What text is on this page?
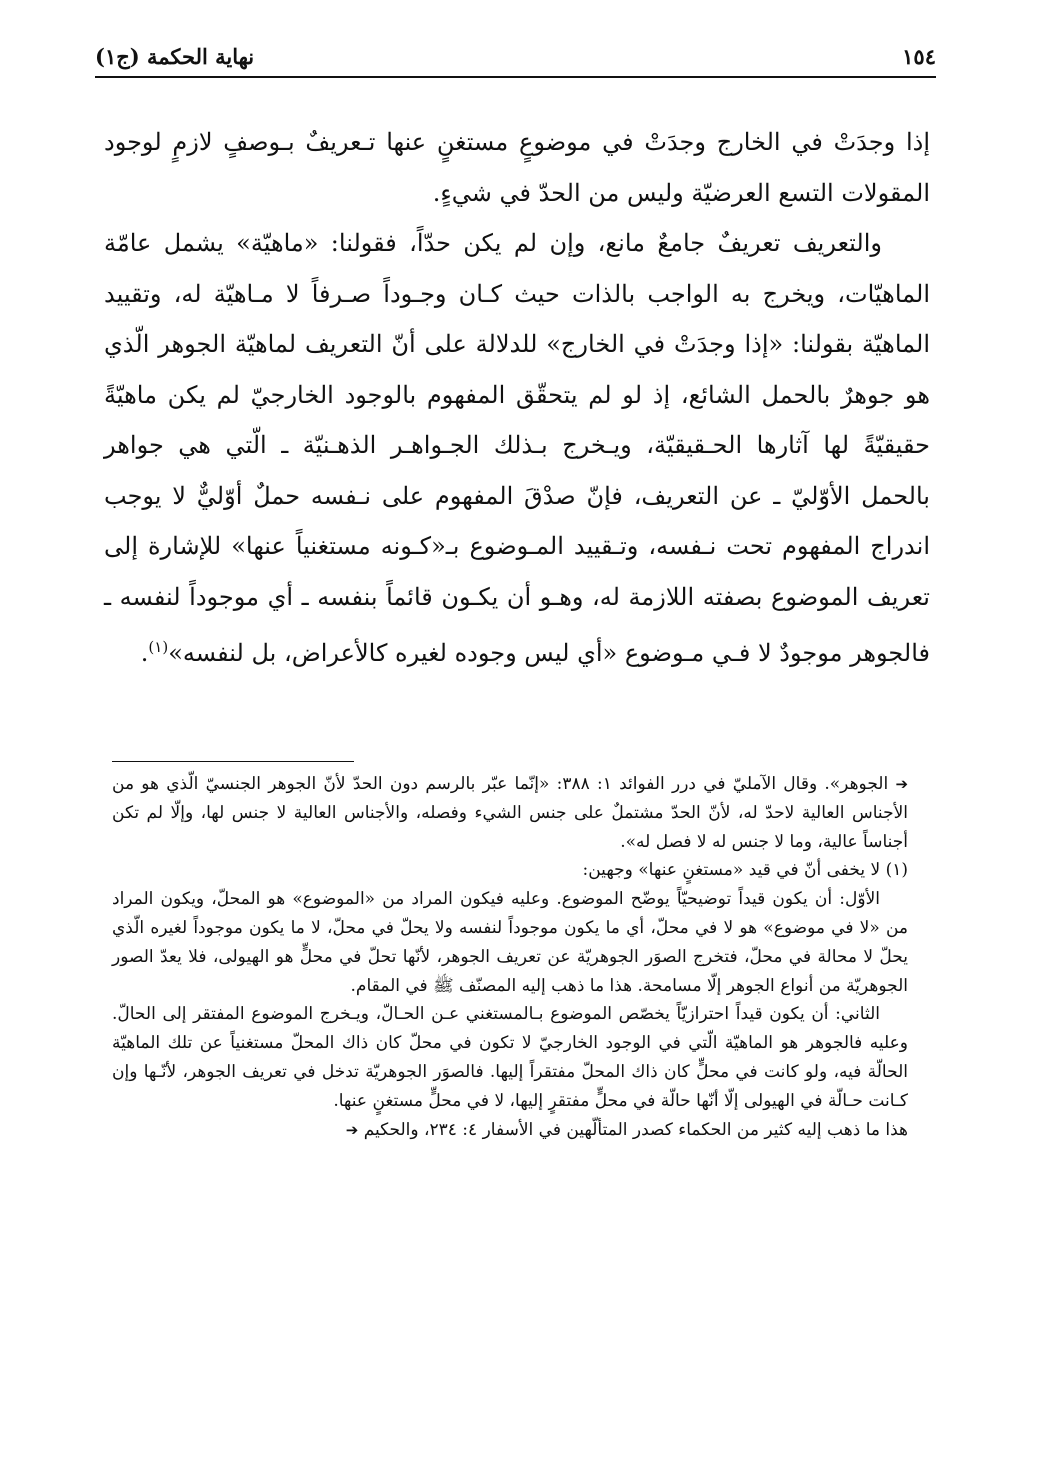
١٥٤
نهاية الحكمة (ج١)

إذا وجدَتْ في الخارج وجدَتْ في موضوعٍ مستغنٍ عنها تـعريفٌ بـوصفٍ لازمٍ لوجود المقولات التسع العرضيّة وليس من الحدّ في شيءٍ.

والتعريف تعريفٌ جامعٌ مانع، وإن لم يكن حدّاً، فقولنا: «ماهيّة» يشمل عامّة الماهيّات، ويخرج به الواجب بالذات حيث كـان وجـوداً صـرفاً لا مـاهيّة له، وتقييد الماهيّة بقولنا: «إذا وجدَتْ في الخارج» للدلالة على أنّ التعريف لماهيّة الجوهر الّذي هو جوهرٌ بالحمل الشائع، إذ لو لم يتحقّق المفهوم بالوجود الخارجيّ لم يكن ماهيّةً حقيقيّةً لها آثارها الحـقيقيّة، ويـخرج بـذلك الجـواهـر الذهـنيّة ـ الّتي هي جواهر بالحمل الأوّليّ ـ عن التعريف، فإنّ صدْقَ المفهوم على نـفسه حملٌ أوّليٌّ لا يوجب اندراج المفهوم تحت نـفسه، وتـقييد المـوضوع بـ«كـونه مستغنياً عنها» للإشارة إلى تعريف الموضوع بصفته اللازمة له، وهـو أن يكـون قائماً بنفسه ـ أي موجوداً لنفسه ـ فالجوهر موجودٌ لا فـي مـوضوع «أي ليس وجوده لغيره كالأعراض، بل لنفسه»$^{(١)}$.

➔ الجوهر». وقال الآمليّ في درر الفوائد ١: ٣٨٨: «إنّما عبّر بالرسم دون الحدّ لأنّ الجوهر الجنسيّ الّذي هو من الأجناس العالية لاحدّ له، لأنّ الحدّ مشتملٌ على جنس الشيء وفصله، والأجناس العالية لا جنس لها، وإلّا لم تكن أجناساً عالية، وما لا جنس له لا فصل له».

(١) لا يخفى أنّ في قيد «مستغنٍ عنها» وجهين:

الأوّل: أن يكون قيداً توضيحيّاً يوضّح الموضوع. وعليه فيكون المراد من «الموضوع» هو المحلّ، ويكون المراد من «لا في موضوع» هو لا في محلّ، أي ما يكون موجوداً لنفسه ولا يحلّ في محلّ، لا ما يكون موجوداً لغيره الّذي يحلّ لا محالة في محلّ، فتخرج الصوَر الجوهريّة عن تعريف الجوهر، لأنّها تحلّ في محلٍّ هو الهيولى، فلا يعدّ الصور الجوهريّة من أنواع الجوهر إلّا مسامحة. هذا ما ذهب إليه المصنّف ﷺ في المقام.

الثاني: أن يكون قيداً احترازيّاً يخصّص الموضوع بـالمستغني عـن الحـالّ، ويـخرج الموضوع المفتقر إلى الحالّ. وعليه فالجوهر هو الماهيّة الّتي في الوجود الخارجيّ لا تكون في محلّ كان ذاك المحلّ مستغنياً عن تلك الماهيّة الحالّة فيه، ولو كانت في محلٍّ كان ذاك المحلّ مفتقراً إليها. فالصوَر الجوهريّة تدخل في تعريف الجوهر، لأنّـها وإن كـانت حـالّة في الهيولى إلّا أنّها حالّة في محلٍّ مفتقرٍ إليها، لا في محلٍّ مستغنٍ عنها.

هذا ما ذهب إليه كثير من الحكماء كصدر المتألّهين في الأسفار ٤: ٢٣٤، والحكيم ➔
